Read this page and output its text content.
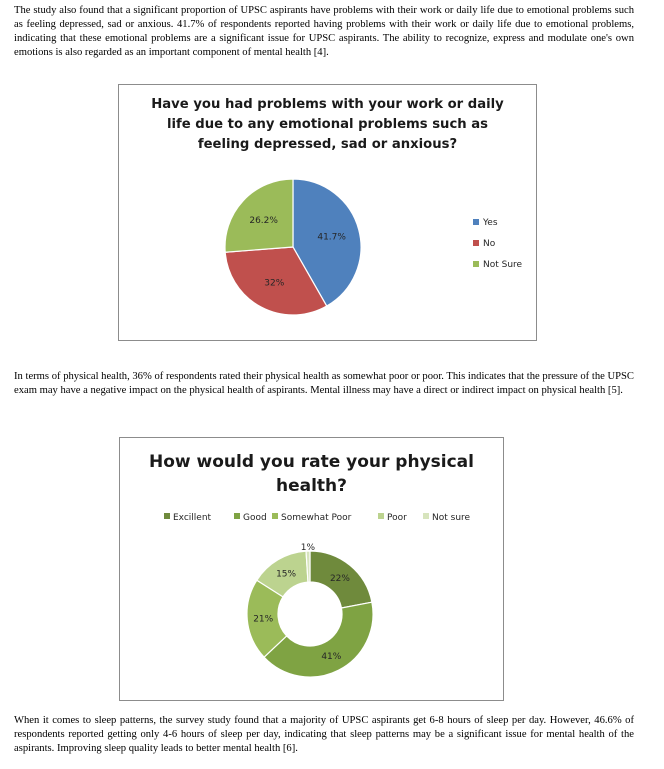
The study also found that a significant proportion of UPSC aspirants have problems with their work or daily life due to emotional problems such as feeling depressed, sad or anxious. 41.7% of respondents reported having problems with their work or daily life due to emotional problems, indicating that these emotional problems are a significant issue for UPSC aspirants. The ability to recognize, express and modulate one's own emotions is also regarded as an important component of mental health [4].

Have you had problems with your work or daily
life due to any emotional problems such as
feeling depressed, sad or anxious?
41.7%
32%
26.2%	Yes
No
Not Sure

In terms of physical health, 36% of respondents rated their physical health as somewhat poor or poor. This indicates that the pressure of the UPSC exam may have a negative impact on the physical health of aspirants. Mental illness may have a direct or indirect impact on physical health [5].

How would you rate your physical
health?
22%
41%
21%
15%
1%
Excillent	Good Somewhat Poor	Poor	Not sure

When it comes to sleep patterns, the survey study found that a majority of UPSC aspirants get 6-8 hours of sleep per day. However, 46.6% of respondents reported getting only 4-6 hours of sleep per day, indicating that sleep patterns may be a significant issue for mental health of the aspirants. Improving sleep quality leads to better mental health [6].
